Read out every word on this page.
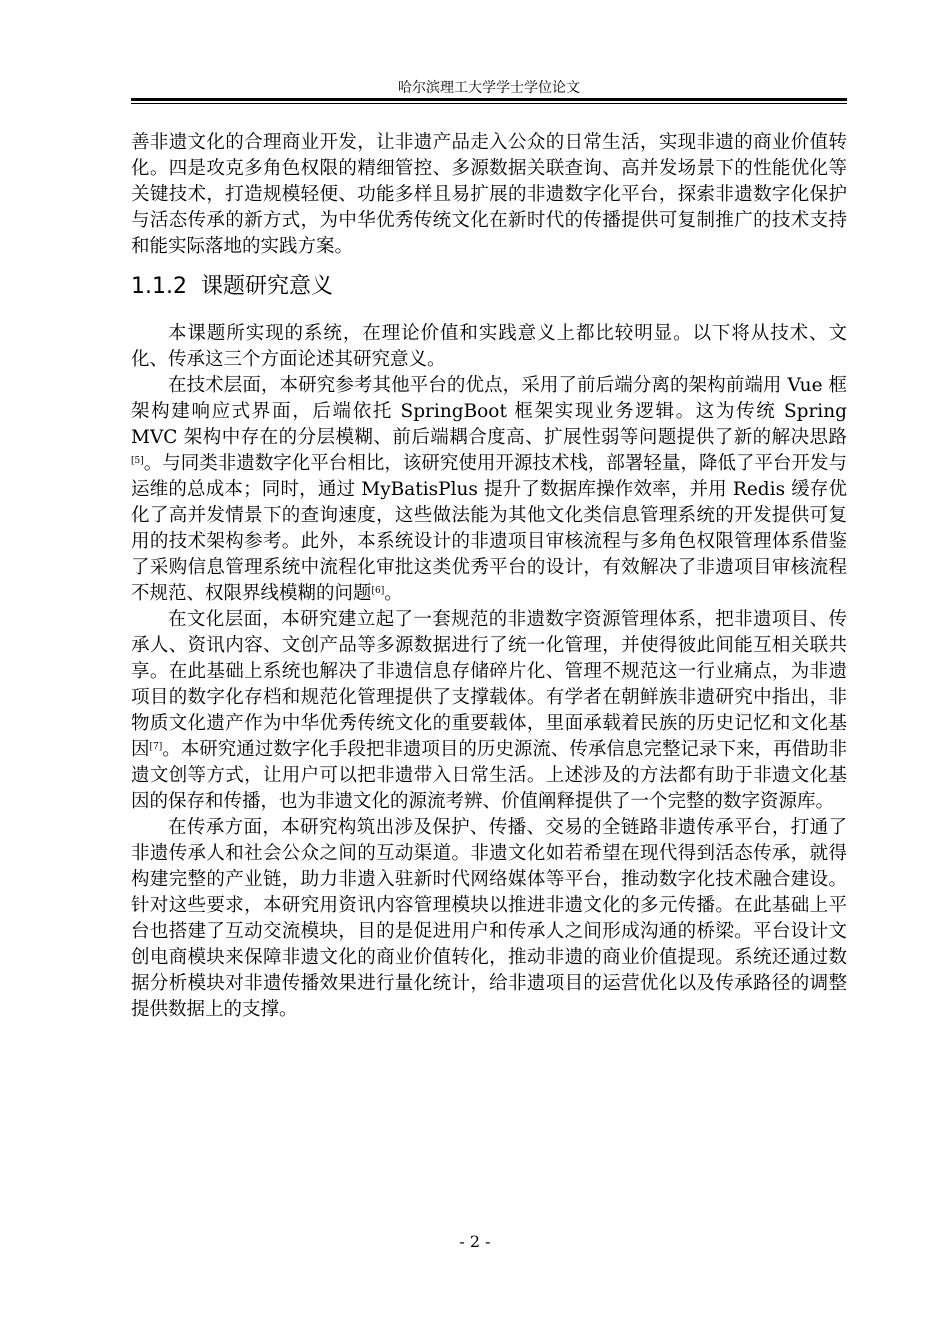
哈尔滨理工大学学士学位论文

善非遗文化的合理商业开发，让非遗产品走入公众的日常生活，实现非遗的商业价值转化。四是攻克多角色权限的精细管控、多源数据关联查询、高并发场景下的性能优化等关键技术，打造规模轻便、功能多样且易扩展的非遗数字化平台，探索非遗数字化保护与活态传承的新方式，为中华优秀传统文化在新时代的传播提供可复制推广的技术支持和能实际落地的实践方案。

1.1.2 课题研究意义

本课题所实现的系统，在理论价值和实践意义上都比较明显。以下将从技术、文化、传承这三个方面论述其研究意义。

在技术层面，本研究参考其他平台的优点，采用了前后端分离的架构前端用 Vue 框架构建响应式界面，后端依托 SpringBoot 框架实现业务逻辑。这为传统 Spring MVC 架构中存在的分层模糊、前后端耦合度高、扩展性弱等问题提供了新的解决思路[5]。与同类非遗数字化平台相比，该研究使用开源技术栈，部署轻量，降低了平台开发与运维的总成本；同时，通过 MyBatisPlus 提升了数据库操作效率，并用 Redis 缓存优化了高并发情景下的查询速度，这些做法能为其他文化类信息管理系统的开发提供可复用的技术架构参考。此外，本系统设计的非遗项目审核流程与多角色权限管理体系借鉴了采购信息管理系统中流程化审批这类优秀平台的设计，有效解决了非遗项目审核流程不规范、权限界线模糊的问题[6]。

在文化层面，本研究建立起了一套规范的非遗数字资源管理体系，把非遗项目、传承人、资讯内容、文创产品等多源数据进行了统一化管理，并使得彼此间能互相关联共享。在此基础上系统也解决了非遗信息存储碎片化、管理不规范这一行业痛点，为非遗项目的数字化存档和规范化管理提供了支撑载体。有学者在朝鲜族非遗研究中指出，非物质文化遗产作为中华优秀传统文化的重要载体，里面承载着民族的历史记忆和文化基因[7]。本研究通过数字化手段把非遗项目的历史源流、传承信息完整记录下来，再借助非遗文创等方式，让用户可以把非遗带入日常生活。上述涉及的方法都有助于非遗文化基因的保存和传播，也为非遗文化的源流考辨、价值阐释提供了一个完整的数字资源库。

在传承方面，本研究构筑出涉及保护、传播、交易的全链路非遗传承平台，打通了非遗传承人和社会公众之间的互动渠道。非遗文化如若希望在现代得到活态传承，就得构建完整的产业链，助力非遗入驻新时代网络媒体等平台，推动数字化技术融合建设。针对这些要求，本研究用资讯内容管理模块以推进非遗文化的多元传播。在此基础上平台也搭建了互动交流模块，目的是促进用户和传承人之间形成沟通的桥梁。平台设计文创电商模块来保障非遗文化的商业价值转化，推动非遗的商业价值提现。系统还通过数据分析模块对非遗传播效果进行量化统计，给非遗项目的运营优化以及传承路径的调整提供数据上的支撑。

- 2 -
